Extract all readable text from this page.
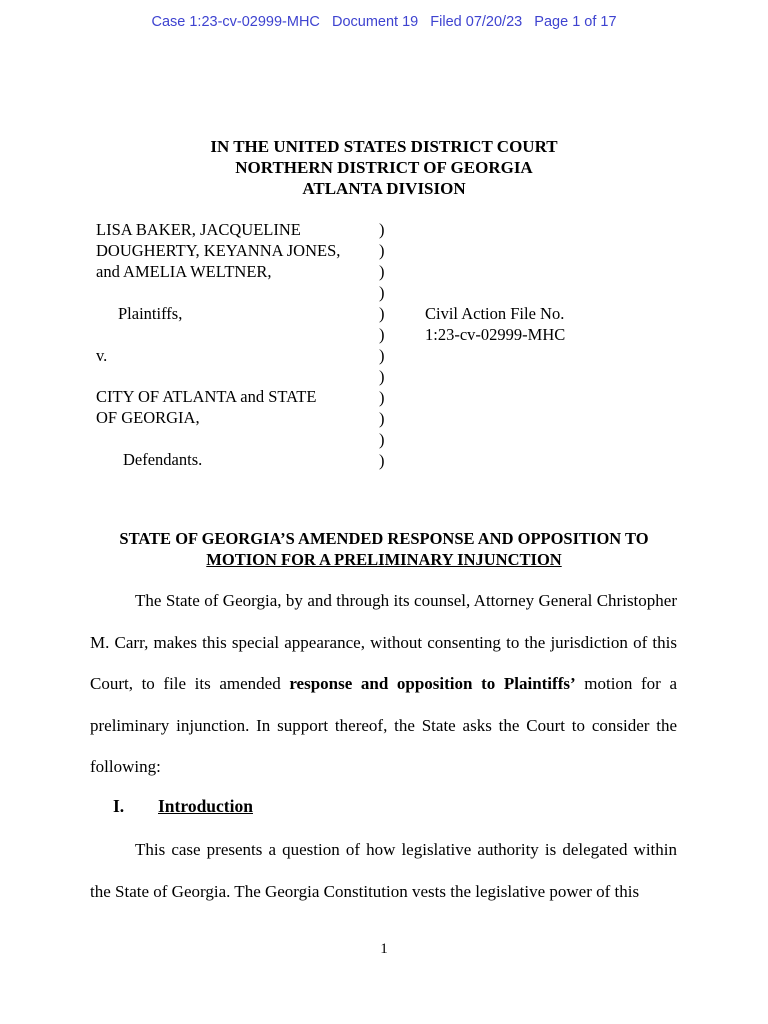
Case 1:23-cv-02999-MHC   Document 19   Filed 07/20/23   Page 1 of 17
IN THE UNITED STATES DISTRICT COURT
NORTHERN DISTRICT OF GEORGIA
ATLANTA DIVISION
LISA BAKER, JACQUELINE
DOUGHERTY, KEYANNA JONES,
and AMELIA WELTNER,
Plaintiffs,
v.
CITY OF ATLANTA and STATE
OF GEORGIA,
Defendants.
)
)
)
)
)
)
)
)
)
)
)
)
Civil Action File No.
1:23-cv-02999-MHC
STATE OF GEORGIA’S AMENDED RESPONSE AND OPPOSITION TO
MOTION FOR A PRELIMINARY INJUNCTION
The State of Georgia, by and through its counsel, Attorney General Christopher M. Carr, makes this special appearance, without consenting to the jurisdiction of this Court, to file its amended response and opposition to Plaintiffs’ motion for a preliminary injunction. In support thereof, the State asks the Court to consider the following:
I. Introduction
This case presents a question of how legislative authority is delegated within the State of Georgia. The Georgia Constitution vests the legislative power of this
1
